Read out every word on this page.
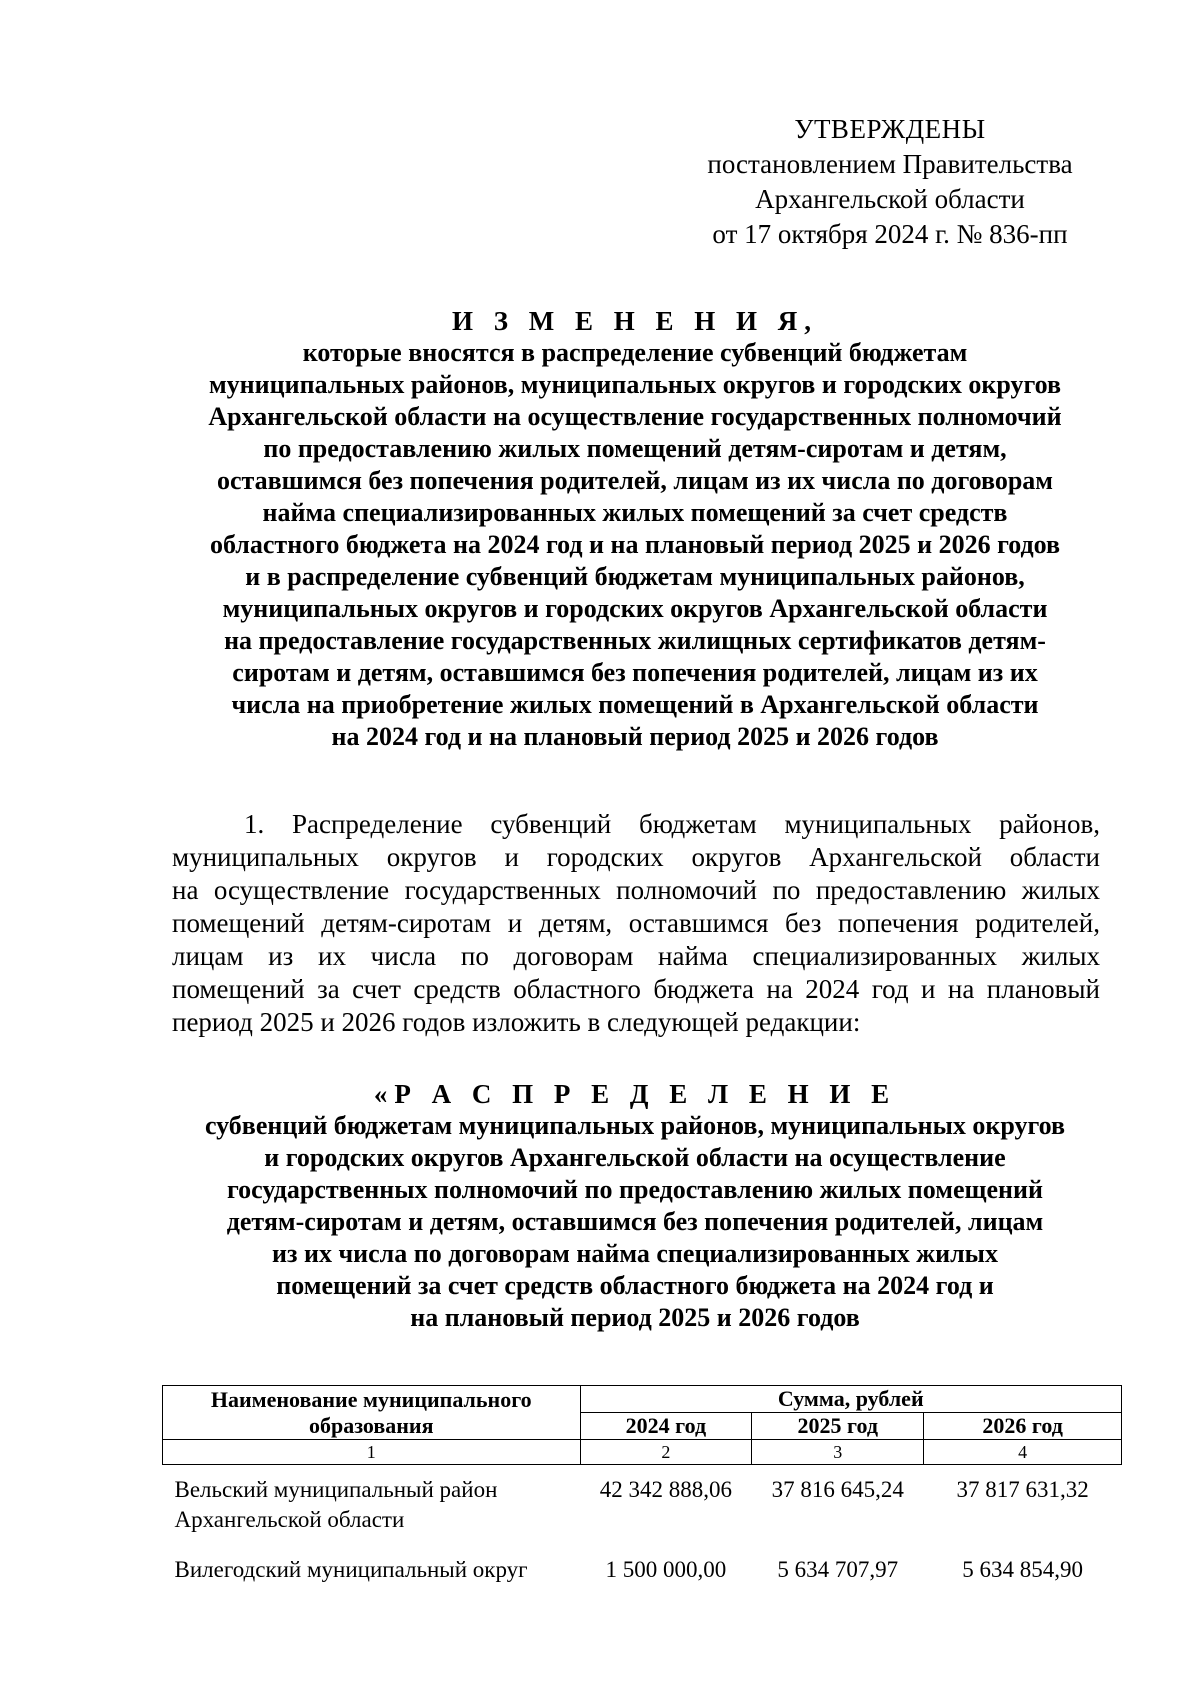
УТВЕРЖДЕНЫ
постановлением Правительства
Архангельской области
от 17 октября 2024 г. № 836-пп
И З М Е Н Е Н И Я,
которые вносятся в распределение субвенций бюджетам
муниципальных районов, муниципальных округов и городских округов
Архангельской области на осуществление государственных полномочий
по предоставлению жилых помещений детям-сиротам и детям,
оставшимся без попечения родителей, лицам из их числа по договорам
найма специализированных жилых помещений за счет средств
областного бюджета на 2024 год и на плановый период 2025 и 2026 годов
и в распределение субвенций бюджетам муниципальных районов,
муниципальных округов и городских округов Архангельской области
на предоставление государственных жилищных сертификатов детям-
сиротам и детям, оставшимся без попечения родителей, лицам из их
числа на приобретение жилых помещений в Архангельской области
на 2024 год и на плановый период 2025 и 2026 годов
1. Распределение субвенций бюджетам муниципальных районов,
муниципальных округов и городских округов Архангельской области
на осуществление государственных полномочий по предоставлению жилых
помещений детям-сиротам и детям, оставшимся без попечения родителей,
лицам из их числа по договорам найма специализированных жилых
помещений за счет средств областного бюджета на 2024 год и на плановый
период 2025 и 2026 годов изложить в следующей редакции:
«Р А С П Р Е Д Е Л Е Н И Е
субвенций бюджетам муниципальных районов, муниципальных округов
и городских округов Архангельской области на осуществление
государственных полномочий по предоставлению жилых помещений
детям-сиротам и детям, оставшимся без попечения родителей, лицам
из их числа по договорам найма специализированных жилых
помещений за счет средств областного бюджета на 2024 год и
на плановый период 2025 и 2026 годов
Наименование муниципального образования	Сумма, рублей		
	2024 год	2025 год	2026 год
1	2	3	4
Вельский муниципальный район Архангельской области	42 342 888,06	37 816 645,24	37 817 631,32
Вилегодский муниципальный округ	1 500 000,00	5 634 707,97	5 634 854,90
